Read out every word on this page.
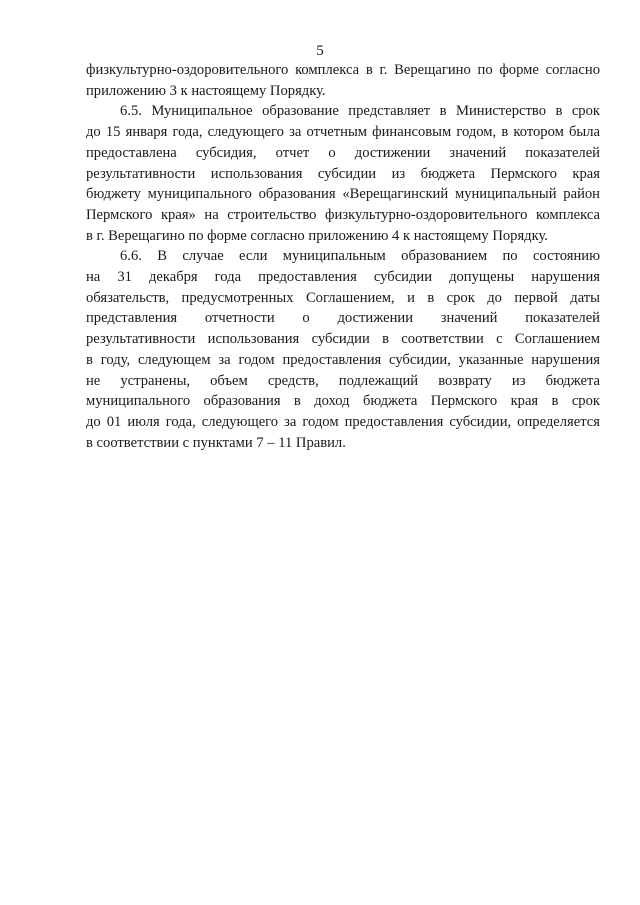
5

физкультурно-оздоровительного комплекса в г. Верещагино по форме согласно
приложению 3 к настоящему Порядку.

6.5. Муниципальное образование представляет в Министерство в срок
до 15 января года, следующего за отчетным финансовым годом, в котором была
предоставлена субсидия, отчет о достижении значений показателей
результативности использования субсидии из бюджета Пермского края
бюджету муниципального образования «Верещагинский муниципальный район
Пермского края» на строительство физкультурно-оздоровительного комплекса
в г. Верещагино по форме согласно приложению 4 к настоящему Порядку.

6.6. В случае если муниципальным образованием по состоянию
на 31 декабря года предоставления субсидии допущены нарушения
обязательств, предусмотренных Соглашением, и в срок до первой даты
представления отчетности о достижении значений показателей
результативности использования субсидии в соответствии с Соглашением
в году, следующем за годом предоставления субсидии, указанные нарушения
не устранены, объем средств, подлежащий возврату из бюджета
муниципального образования в доход бюджета Пермского края в срок
до 01 июля года, следующего за годом предоставления субсидии, определяется
в соответствии с пунктами 7 – 11 Правил.
